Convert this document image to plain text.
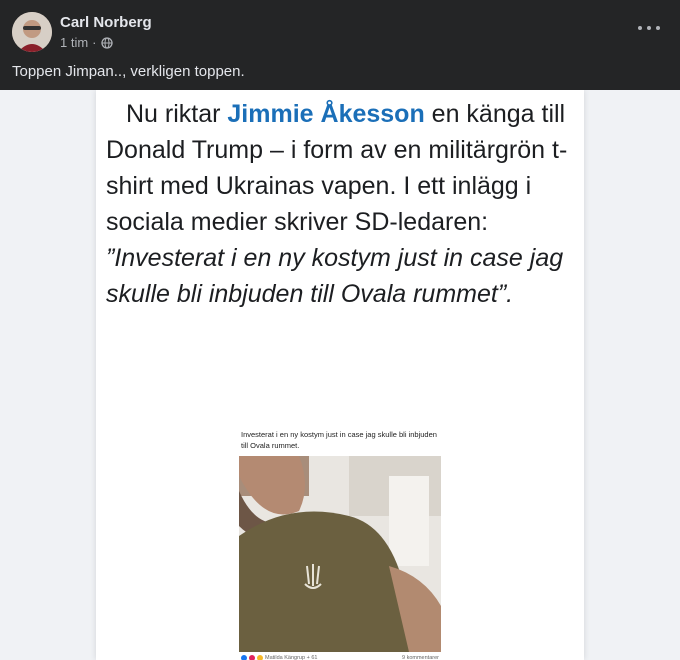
Carl Norberg
1 tim ·
Toppen Jimpan.., verkligen toppen.
Nu riktar Jimmie Åkesson en känga till Donald Trump – i form av en militärgrön t-shirt med Ukrainas vapen. I ett inlägg i sociala medier skriver SD-ledaren:
”Investerat i en ny kostym just in case jag skulle bli inbjuden till Ovala rummet”.
Investerat i en ny kostym just in case jag skulle bli inbjuden till Ovala rummet.
Matilda Kängrup + 61	9 kommentarer
